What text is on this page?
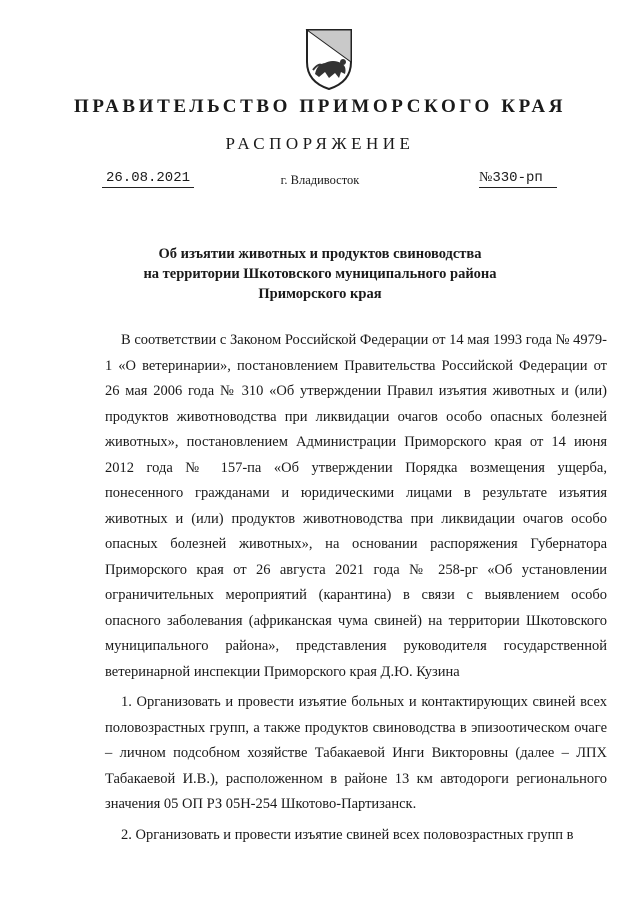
ПРАВИТЕЛЬСТВО ПРИМОРСКОГО КРАЯ
РАСПОРЯЖЕНИЕ
26.08.2021	г. Владивосток	№330-рп
Об изъятии животных и продуктов свиноводства
на территории Шкотовского муниципального района
Приморского края

В соответствии с Законом Российской Федерации от 14 мая 1993 года № 4979-1 «О ветеринарии», постановлением Правительства Российской Федерации от 26 мая 2006 года № 310 «Об утверждении Правил изъятия животных и (или) продуктов животноводства при ликвидации очагов особо опасных болезней животных», постановлением Администрации Приморского края от 14 июня 2012 года № 157-па «Об утверждении Порядка возмещения ущерба, понесенного гражданами и юридическими лицами в результате изъятия животных и (или) продуктов животноводства при ликвидации очагов особо опасных болезней животных», на основании распоряжения Губернатора Приморского края от 26 августа 2021 года № 258-рг «Об установлении ограничительных мероприятий (карантина) в связи с выявлением особо опасного заболевания (африканская чума свиней) на территории Шкотовского муниципального района», представления руководителя государственной ветеринарной инспекции Приморского края Д.Ю. Кузина

1. Организовать и провести изъятие больных и контактирующих свиней всех половозрастных групп, а также продуктов свиноводства в эпизоотическом очаге – личном подсобном хозяйстве Табакаевой Инги Викторовны (далее – ЛПХ Табакаевой И.В.), расположенном в районе 13 км автодороги регионального значения 05 ОП РЗ 05Н-254 Шкотово-Партизанск.

2. Организовать и провести изъятие свиней всех половозрастных групп в
